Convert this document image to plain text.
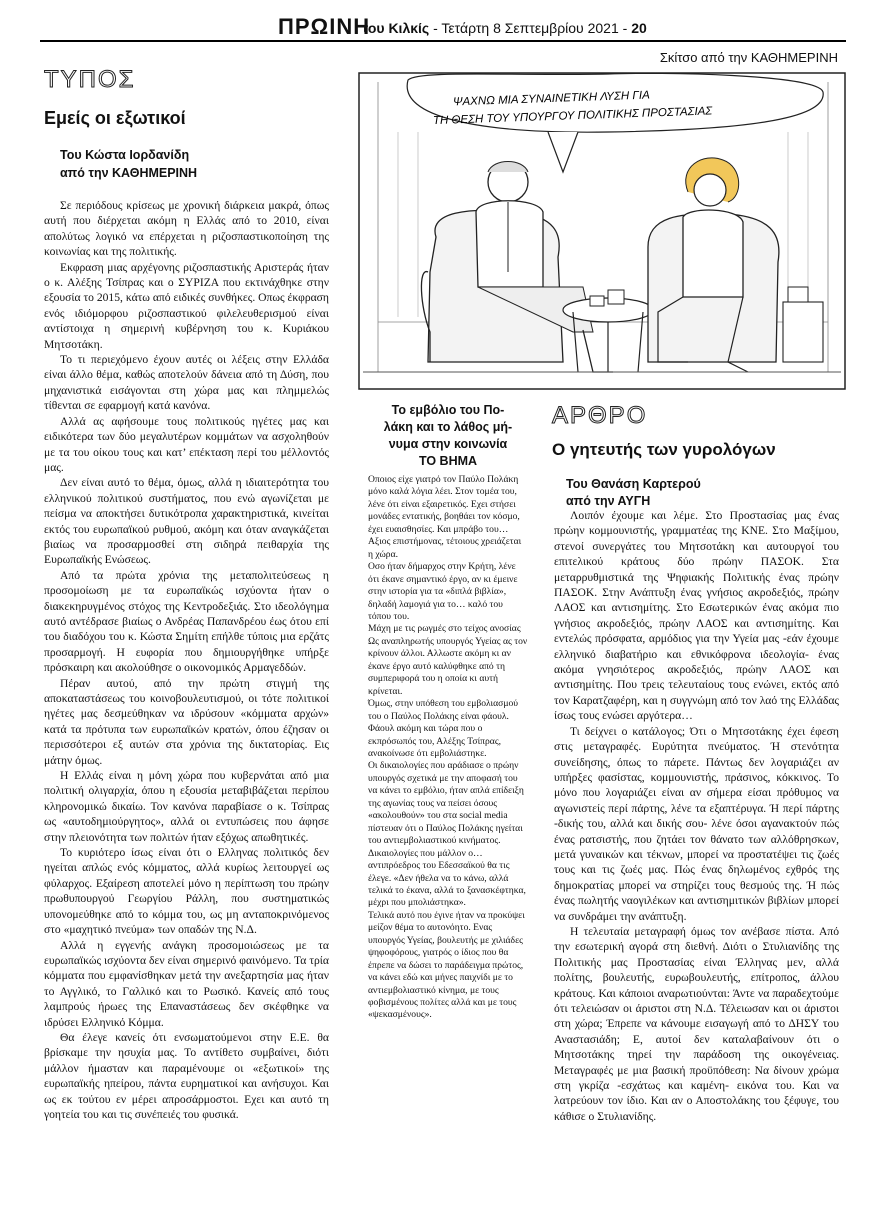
ΠΡΩΙΝΗ
του Κιλκίς - Τετάρτη 8 Σεπτεμβρίου 2021 - 20
Σκίτσο από την ΚΑΘΗΜΕΡΙΝΗ
ΤΥΠΟΣ
Εμείς οι εξωτικοί
Του Κώστα Ιορδανίδη
από την ΚΑΘΗΜΕΡΙΝΗ

Σε περιόδους κρίσεως με χρονική διάρκεια μακρά, όπως αυτή που διέρχεται ακόμη η Ελλάς από το 2010, είναι απολύτως λογικό να επέρχεται η ριζοσπαστικοποίηση της κοινωνίας και της πολιτικής.

Εκφραση μιας αρχέγονης ριζοσπαστικής Αριστεράς ήταν ο κ. Αλέξης Τσίπρας και ο ΣΥΡΙΖΑ που εκτινάχθηκε στην εξουσία το 2015, κάτω από ειδικές συνθήκες. Οπως έκφραση ενός ιδιόμορφου ριζοσπαστικού φιλελευθερισμού είναι αντίστοιχα η σημερινή κυβέρνηση του κ. Κυριάκου Μητσοτάκη.

Το τι περιεχόμενο έχουν αυτές οι λέξεις στην Ελλάδα είναι άλλο θέμα, καθώς αποτελούν δάνεια από τη Δύση, που μηχανιστικά εισάγονται στη χώρα μας και πλημμελώς τίθενται σε εφαρμογή κατά κανόνα.

Αλλά ας αφήσουμε τους πολιτικούς ηγέτες μας και ειδικότερα των δύο μεγαλυτέρων κομμάτων να ασχοληθούν με τα του οίκου τους και κατ’ επέκταση περί του μέλλοντός μας.

Δεν είναι αυτό το θέμα, όμως, αλλά η ιδιαιτερότητα του ελληνικού πολιτικού συστήματος, που ενώ αγωνίζεται με πείσμα να αποκτήσει δυτικότροπα χαρακτηριστικά, κινείται εκτός του ευρωπαϊκού ρυθμού, ακόμη και όταν αναγκάζεται βιαίως να προσαρμοσθεί στη σιδηρά πειθαρχία της Ευρωπαϊκής Ενώσεως.

Από τα πρώτα χρόνια της μεταπολιτεύσεως η προσομοίωση με τα ευρωπαϊκώς ισχύοντα ήταν ο διακεκηρυγμένος στόχος της Κεντροδεξιάς. Στο ιδεολόγημα αυτό αντέδρασε βιαίως ο Ανδρέας Παπανδρέου έως ότου επί του διαδόχου του κ. Κώστα Σημίτη επήλθε τύποις μια ερζάτς προσαρμογή. Η ευφορία που δημιουργήθηκε υπήρξε πρόσκαιρη και ακολούθησε ο οικονομικός Αρμαγεδδών.

Πέραν αυτού, από την πρώτη στιγμή της αποκαταστάσεως του κοινοβουλευτισμού, οι τότε πολιτικοί ηγέτες μας δεσμεύθηκαν να ιδρύσουν «κόμματα αρχών» κατά τα πρότυπα των ευρωπαϊκών κρατών, όπου έζησαν οι περισσότεροι εξ αυτών στα χρόνια της δικτατορίας. Εις μάτην όμως.

Η Ελλάς είναι η μόνη χώρα που κυβερνάται από μια πολιτική ολιγαρχία, όπου η εξουσία μεταβιβάζεται περίπου κληρονομικώ δικαίω. Τον κανόνα παραβίασε ο κ. Τσίπρας ως «αυτοδημιούργητος», αλλά οι εντυπώσεις που άφησε στην πλειονότητα των πολιτών ήταν εξόχως απωθητικές.

Το κυριότερο ίσως είναι ότι ο Ελληνας πολιτικός δεν ηγείται απλώς ενός κόμματος, αλλά κυρίως λειτουργεί ως φύλαρχος. Εξαίρεση αποτελεί μόνο η περίπτωση του πρώην πρωθυπουργού Γεωργίου Ράλλη, που συστηματικώς υπονομεύθηκε από το κόμμα του, ως μη ανταποκρινόμενος στο «μαχητικό πνεύμα» των οπαδών της Ν.Δ.

Αλλά η εγγενής ανάγκη προσομοιώσεως με τα ευρωπαϊκώς ισχύοντα δεν είναι σημερινό φαινόμενο. Τα τρία κόμματα που εμφανίσθηκαν μετά την ανεξαρτησία μας ήταν το Αγγλικό, το Γαλλικό και το Ρωσικό. Κανείς από τους λαμπρούς ήρωες της Επαναστάσεως δεν σκέφθηκε να ιδρύσει Ελληνικό Κόμμα.

Θα έλεγε κανείς ότι ενσωματούμενοι στην Ε.Ε. θα βρίσκαμε την ησυχία μας. Το αντίθετο συμβαίνει, διότι μάλλον ήμασταν και παραμένουμε οι «εξωτικοί» της ευρωπαϊκής ηπείρου, πάντα ευρηματικοί και ανήσυχοι. Και ως εκ τούτου εν μέρει απροσάρμοστοι. Εχει και αυτό τη γοητεία του και τις συνέπειές του φυσικά.

ΨΑΧΝΩ ΜΙΑ ΣΥΝΑΙΝΕΤΙΚΗ ΛΥΣΗ ΓΙΑ
ΤΗ ΘΕΣΗ ΤΟΥ ΥΠΟΥΡΓΟΥ ΠΟΛΙΤΙΚΗΣ ΠΡΟΣΤΑΣΙΑΣ
Το εμβόλιο του Πο-
λάκη και το λάθος μή-
νυμα στην κοινωνία
ΤΟ ΒΗΜΑ

Οποιος είχε γιατρό τον Παύλο Πολάκη μόνο καλά λόγια λέει. Στον τομέα του, λένε ότι είναι εξαιρετικός. Εχει στήσει μονάδες εντατικής, βοηθάει τον κόσμο, έχει ευαισθησίες. Και μπράβο του… Αξιος επιστήμονας, τέτοιους χρειάζεται η χώρα.

Οσο ήταν δήμαρχος στην Κρήτη, λένε ότι έκανε σημαντικό έργο, αν κι έμεινε στην ιστορία για τα «διπλά βιβλία», δηλαδή λαμογιά για το… καλό του τόπου του.

Μάχη με τις ρωγμές στο τείχος ανοσίας

Ως αναπληρωτής υπουργός Υγείας ας τον κρίνουν άλλοι. Αλλωστε ακόμη κι αν έκανε έργο αυτό καλύφθηκε από τη συμπεριφορά του η οποία κι αυτή κρίνεται.

Όμως, στην υπόθεση του εμβολιασμού του ο Παύλος Πολάκης είναι φάουλ. Φάουλ ακόμη και τώρα που ο εκπρόσωπός του, Αλέξης Τσίπρας, ανακοίνωσε ότι εμβολιάστηκε.

Οι δικαιολογίες που αράδιασε ο πρώην υπουργός σχετικά με την αποφασή του να κάνει το εμβόλιο, ήταν απλά επίδειξη της αγωνίας τους να πείσει όσους «ακολουθούν» του στα social media πίστευαν ότι ο Παύλος Πολάκης ηγείται του αντιεμβολιαστικού κινήματος.

Δικαιολογίες που μάλλον ο… αντιπρόεδρος του Εδεσσαϊκού θα τις έλεγε. «Δεν ήθελα να το κάνω, αλλά τελικά το έκανα, αλλά το ξανασκέφτηκα, μέχρι που μπολιάστηκα».

Τελικά αυτό που έγινε ήταν να προκύψει μείζον θέμα το αυτονόητο. Ενας υπουργός Υγείας, βουλευτής με χιλιάδες ψηφοφόρους, γιατρός ο ίδιος που θα έπρεπε να δώσει το παράδειγμα πρώτος, να κάνει εδώ και μήνες παιχνίδι με το αντιεμβολιαστικό κίνημα, με τους φοβισμένους πολίτες αλλά και με τους «ψεκασμένους».

ΑΡΘΡΟ
Ο γητευτής των γυρολόγων
Του Θανάση Καρτερού
από την ΑΥΓΗ

Λοιπόν έχουμε και λέμε. Στο Προστασίας μας ένας πρώην κομμουνιστής, γραμματέας της ΚΝΕ. Στο Μαξίμου, στενοί συνεργάτες του Μητσοτάκη και αυτουργοί του επιτελικού κράτους δύο πρώην ΠΑΣΟΚ. Στα μεταρρυθμιστικά της Ψηφιακής Πολιτικής ένας πρώην ΠΑΣΟΚ. Στην Ανάπτυξη ένας γνήσιος ακροδεξιός, πρώην ΛΑΟΣ και αντισημίτης. Στο Εσωτερικών ένας ακόμα πιο γνήσιος ακροδεξιός, πρώην ΛΑΟΣ και αντισημίτης. Και εντελώς πρόσφατα, αρμόδιος για την Υγεία μας -εάν έχουμε ελληνικό διαβατήριο και εθνικόφρονα ιδεολογία- ένας ακόμα γνησιότερος ακροδεξιός, πρώην ΛΑΟΣ και αντισημίτης. Που τρεις τελευταίους τους ενώνει, εκτός από τον Καρατζαφέρη, και η συγγνώμη από τον λαό της Ελλάδας ίσως τους ενώσει αργότερα…

Τι δείχνει ο κατάλογος; Ότι ο Μητσοτάκης έχει έφεση στις μεταγραφές. Ευρύτητα πνεύματος. Ή στενότητα συνείδησης, όπως το πάρετε. Πάντως δεν λογαριάζει αν υπήρξες φασίστας, κομμουνιστής, πράσινος, κόκκινος. Το μόνο που λογαριάζει είναι αν σήμερα είσαι πρόθυμος να αγωνιστείς περί πάρτης, λένε τα εξαπτέρυγα. Ή περί πάρτης -δικής του, αλλά και δικής σου- λένε όσοι αγανακτούν πώς ένας ρατσιστής, που ζητάει τον θάνατο των αλλόθρησκων, μετά γυναικών και τέκνων, μπορεί να προστατέψει τις ζωές τους και τις ζωές μας. Πώς ένας δηλωμένος εχθρός της δημοκρατίας μπορεί να στηρίζει τους θεσμούς της. Ή πώς ένας πωλητής ναογιλέκων και αντισημιτικών βιβλίων μπορεί να συνδράμει την ανάπτυξη.

Η τελευταία μεταγραφή όμως τον ανέβασε πίστα. Από την εσωτερική αγορά στη διεθνή. Διότι ο Στυλιανίδης της Πολιτικής μας Προστασίας είναι Έλληνας μεν, αλλά πολίτης, βουλευτής, ευρωβουλευτής, επίτροπος, άλλου κράτους. Και κάποιοι αναρωτιούνται: Άντε να παραδεχτούμε ότι τελειώσαν οι άριστοι στη Ν.Δ. Τέλειωσαν και οι άριστοι στη χώρα; Έπρεπε να κάνουμε εισαγωγή από το ΔΗΣΥ του Αναστασιάδη; Ε, αυτοί δεν καταλαβαίνουν ότι ο Μητσοτάκης τηρεί την παράδοση της οικογένειας. Μεταγραφές με μια βασική προϋπόθεση: Να δίνουν χρώμα στη γκρίζα -εσχάτως και καμένη- εικόνα του. Και να λατρεύουν τον ίδιο. Και αν ο Αποστολάκης του ξέφυγε, του κάθισε ο Στυλιανίδης.
